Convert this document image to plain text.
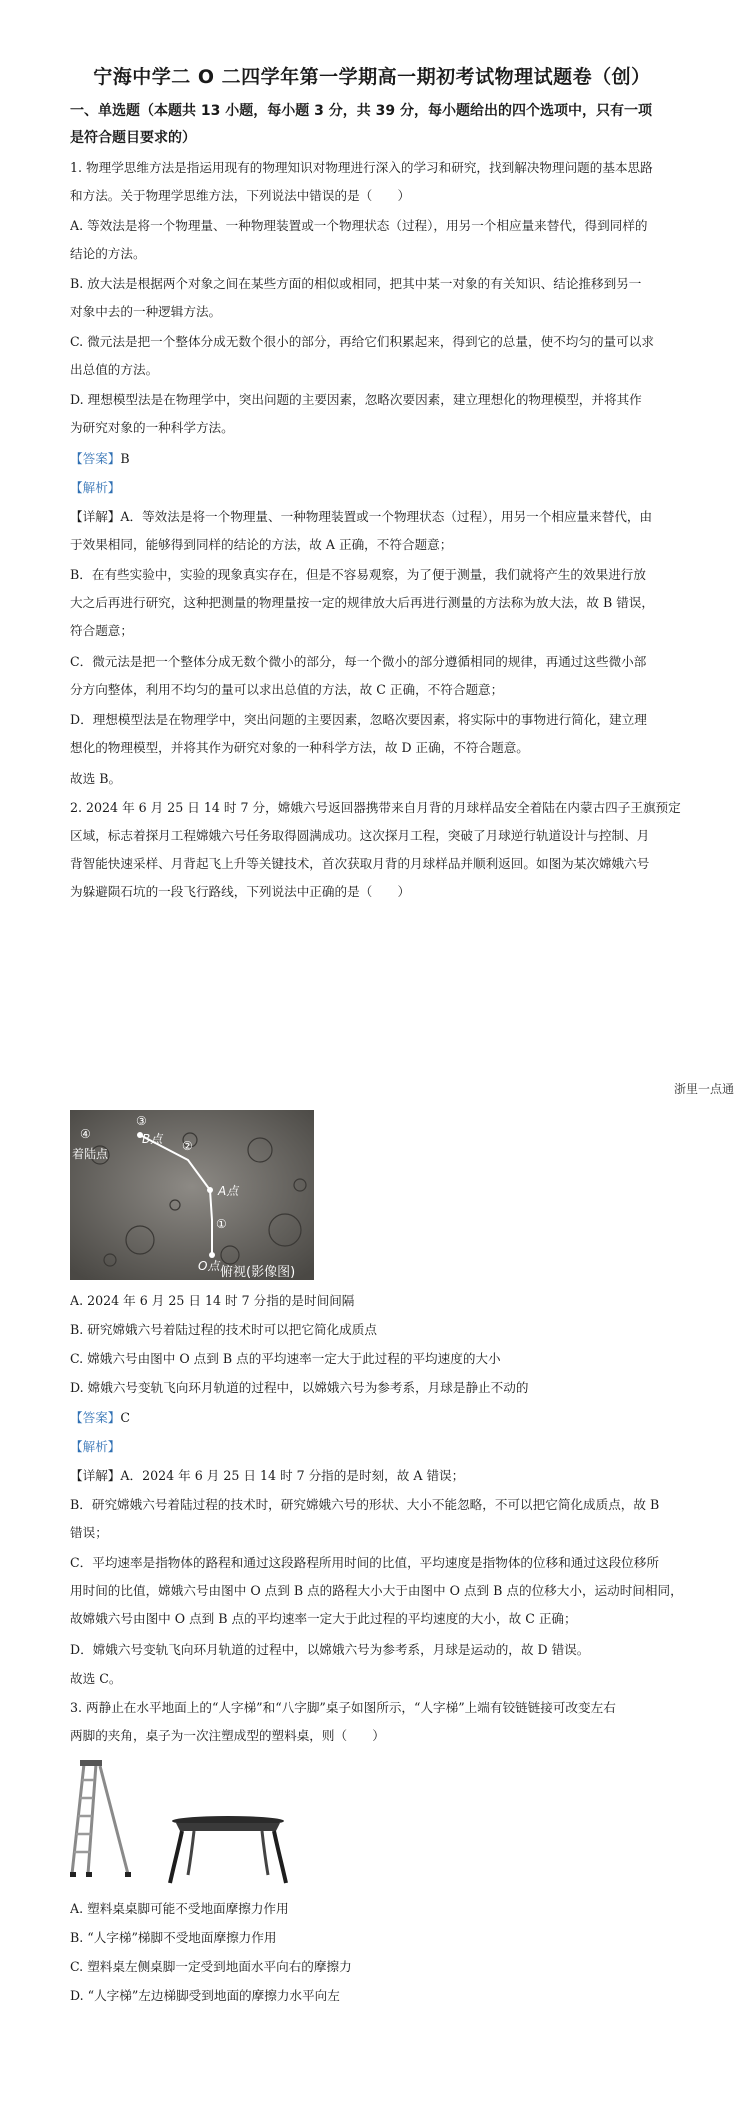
宁海中学二 O 二四学年第一学期高一期初考试物理试题卷（创）
一、单选题（本题共 13 小题，每小题 3 分，共 39 分，每小题给出的四个选项中，只有一项
是符合题目要求的）
1. 物理学思维方法是指运用现有的物理知识对物理进行深入的学习和研究，找到解决物理问题的基本思路
和方法。关于物理学思维方法，下列说法中错误的是（　　）
A. 等效法是将一个物理量、一种物理装置或一个物理状态（过程），用另一个相应量来替代，得到同样的
结论的方法。
B. 放大法是根据两个对象之间在某些方面的相似或相同，把其中某一对象的有关知识、结论推移到另一
对象中去的一种逻辑方法。
C. 微元法是把一个整体分成无数个很小的部分，再给它们积累起来，得到它的总量，使不均匀的量可以求
出总值的方法。
D. 理想模型法是在物理学中，突出问题的主要因素，忽略次要因素，建立理想化的物理模型，并将其作
为研究对象的一种科学方法。
【答案】B
【解析】
【详解】A．等效法是将一个物理量、一种物理装置或一个物理状态（过程），用另一个相应量来替代，由
于效果相同，能够得到同样的结论的方法，故 A 正确，不符合题意；
B．在有些实验中，实验的现象真实存在，但是不容易观察，为了便于测量，我们就将产生的效果进行放
大之后再进行研究，这种把测量的物理量按一定的规律放大后再进行测量的方法称为放大法，故 B 错误，
符合题意；
C．微元法是把一个整体分成无数个微小的部分，每一个微小的部分遵循相同的规律，再通过这些微小部
分方向整体，利用不均匀的量可以求出总值的方法，故 C 正确，不符合题意；
D．理想模型法是在物理学中，突出问题的主要因素，忽略次要因素，将实际中的事物进行简化，建立理
想化的物理模型，并将其作为研究对象的一种科学方法，故 D 正确，不符合题意。
故选 B。
2. 2024 年 6 月 25 日 14 时 7 分，嫦娥六号返回器携带来自月背的月球样品安全着陆在内蒙古四子王旗预定
区域，标志着探月工程嫦娥六号任务取得圆满成功。这次探月工程，突破了月球逆行轨道设计与控制、月
背智能快速采样、月背起飞上升等关键技术，首次获取月背的月球样品并顺利返回。如图为某次嫦娥六号
为躲避陨石坑的一段飞行路线，下列说法中正确的是（　　）
浙里一点通
④
着陆点
③
B点 ②
A点
①
O点 俯视(影像图)
A. 2024 年 6 月 25 日 14 时 7 分指的是时间间隔
B. 研究嫦娥六号着陆过程的技术时可以把它简化成质点
C. 嫦娥六号由图中 O 点到 B 点的平均速率一定大于此过程的平均速度的大小
D. 嫦娥六号变轨飞向环月轨道的过程中，以嫦娥六号为参考系，月球是静止不动的
【答案】C
【解析】
【详解】A．2024 年 6 月 25 日 14 时 7 分指的是时刻，故 A 错误；
B．研究嫦娥六号着陆过程的技术时，研究嫦娥六号的形状、大小不能忽略，不可以把它简化成质点，故 B
错误；
C．平均速率是指物体的路程和通过这段路程所用时间的比值，平均速度是指物体的位移和通过这段位移所
用时间的比值，嫦娥六号由图中 O 点到 B 点的路程大小大于由图中 O 点到 B 点的位移大小，运动时间相同，
故嫦娥六号由图中 O 点到 B 点的平均速率一定大于此过程的平均速度的大小，故 C 正确；
D．嫦娥六号变轨飞向环月轨道的过程中，以嫦娥六号为参考系，月球是运动的，故 D 错误。
故选 C。
3. 两静止在水平地面上的“人字梯”和“八字脚”桌子如图所示，“人字梯”上端有铰链链接可改变左右
两脚的夹角，桌子为一次注塑成型的塑料桌，则（　　）
A. 塑料桌桌脚可能不受地面摩擦力作用
B. “人字梯”梯脚不受地面摩擦力作用
C. 塑料桌左侧桌脚一定受到地面水平向右的摩擦力
D. “人字梯”左边梯脚受到地面的摩擦力水平向左
